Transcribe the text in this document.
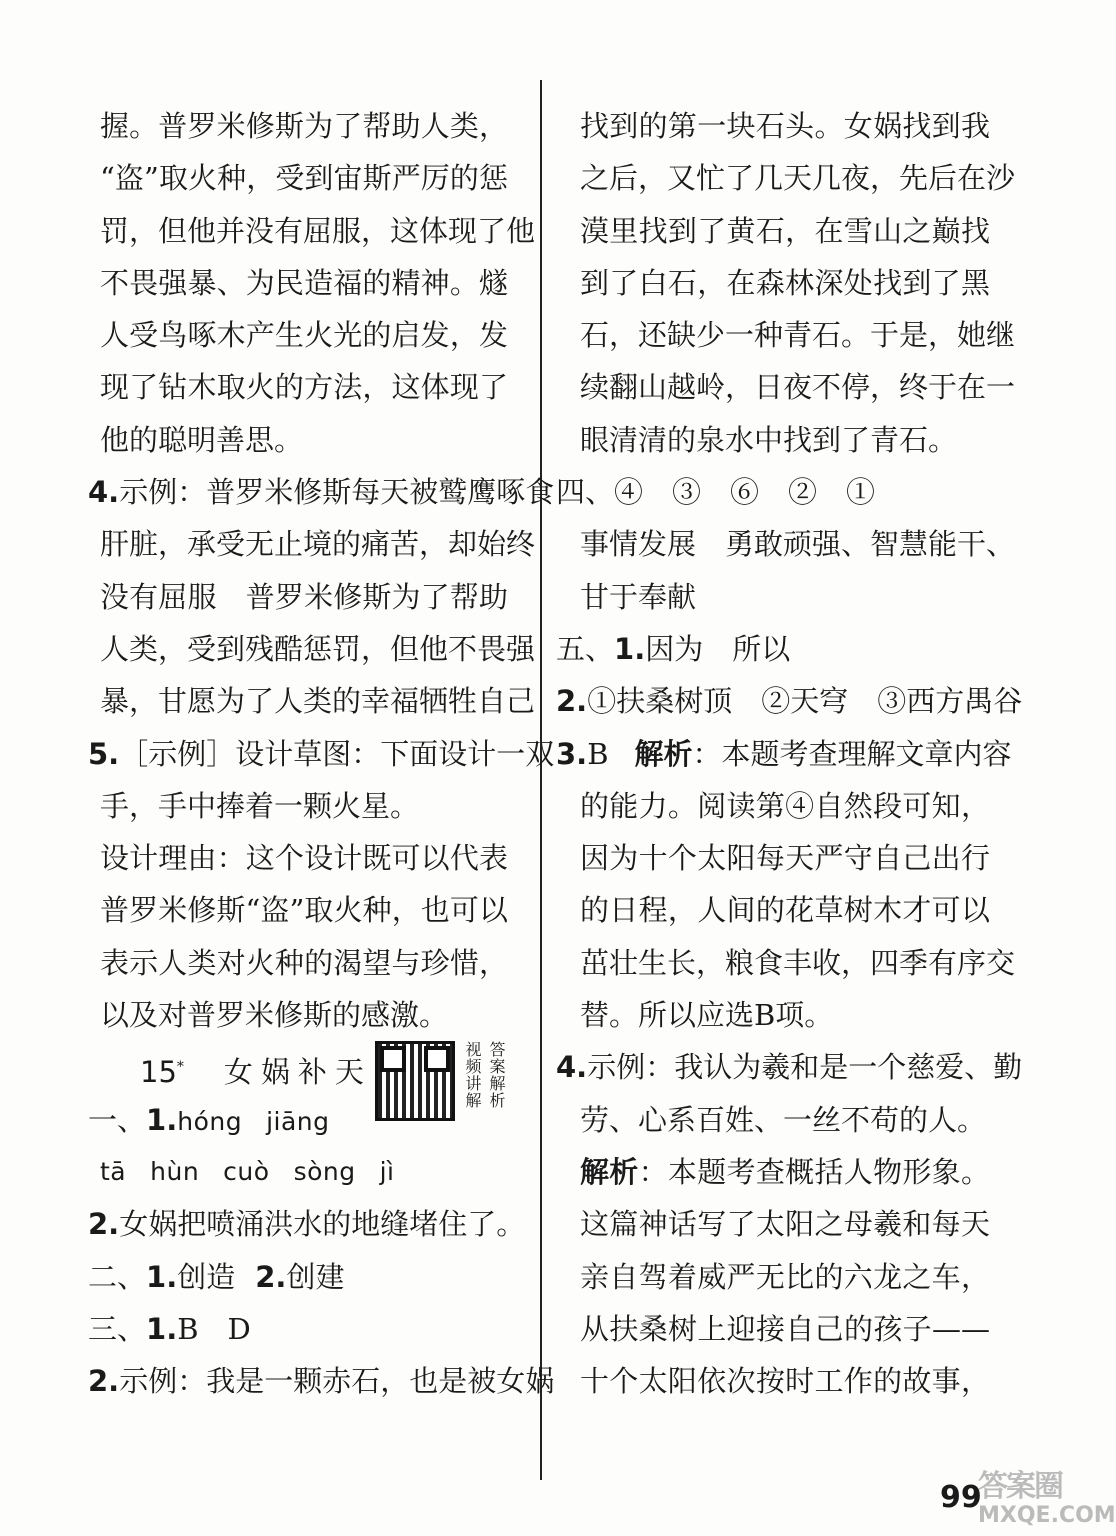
握。普罗米修斯为了帮助人类，
“盗”取火种，受到宙斯严厉的惩
罚，但他并没有屈服，这体现了他
不畏强暴、为民造福的精神。燧
人受鸟啄木产生火光的启发，发
现了钻木取火的方法，这体现了
他的聪明善思。
4.示例：普罗米修斯每天被鹫鹰啄食
肝脏，承受无止境的痛苦，却始终
没有屈服　普罗米修斯为了帮助
人类，受到残酷惩罚，但他不畏强
暴，甘愿为了人类的幸福牺牲自己
5.［示例］设计草图：下面设计一双
手，手中捧着一颗火星。
设计理由：这个设计既可以代表
普罗米修斯“盗”取火种，也可以
表示人类对火种的渴望与珍惜，
以及对普罗米修斯的感激。
15* 女娲补天	视频讲解 答案解析
一、1.hóng jiāng
tā hùn cuò sòng jì
2.女娲把喷涌洪水的地缝堵住了。
二、1.创造 2.创建
三、1.B　D
2.示例：我是一颗赤石，也是被女娲
找到的第一块石头。女娲找到我
之后，又忙了几天几夜，先后在沙
漠里找到了黄石，在雪山之巅找
到了白石，在森林深处找到了黑
石，还缺少一种青石。于是，她继
续翻山越岭，日夜不停，终于在一
眼清清的泉水中找到了青石。
四、④　③　⑥　②　①
事情发展　勇敢顽强、智慧能干、
甘于奉献
五、1.因为　所以
2.①扶桑树顶　②天穹　③西方禺谷
3.B 解析：本题考查理解文章内容
的能力。阅读第④自然段可知，
因为十个太阳每天严守自己出行
的日程，人间的花草树木才可以
茁壮生长，粮食丰收，四季有序交
替。所以应选B项。
4.示例：我认为羲和是一个慈爱、勤
劳、心系百姓、一丝不苟的人。
解析：本题考查概括人物形象。
这篇神话写了太阳之母羲和每天
亲自驾着威严无比的六龙之车，
从扶桑树上迎接自己的孩子——
十个太阳依次按时工作的故事，
99
答案圈
MXQE.COM
